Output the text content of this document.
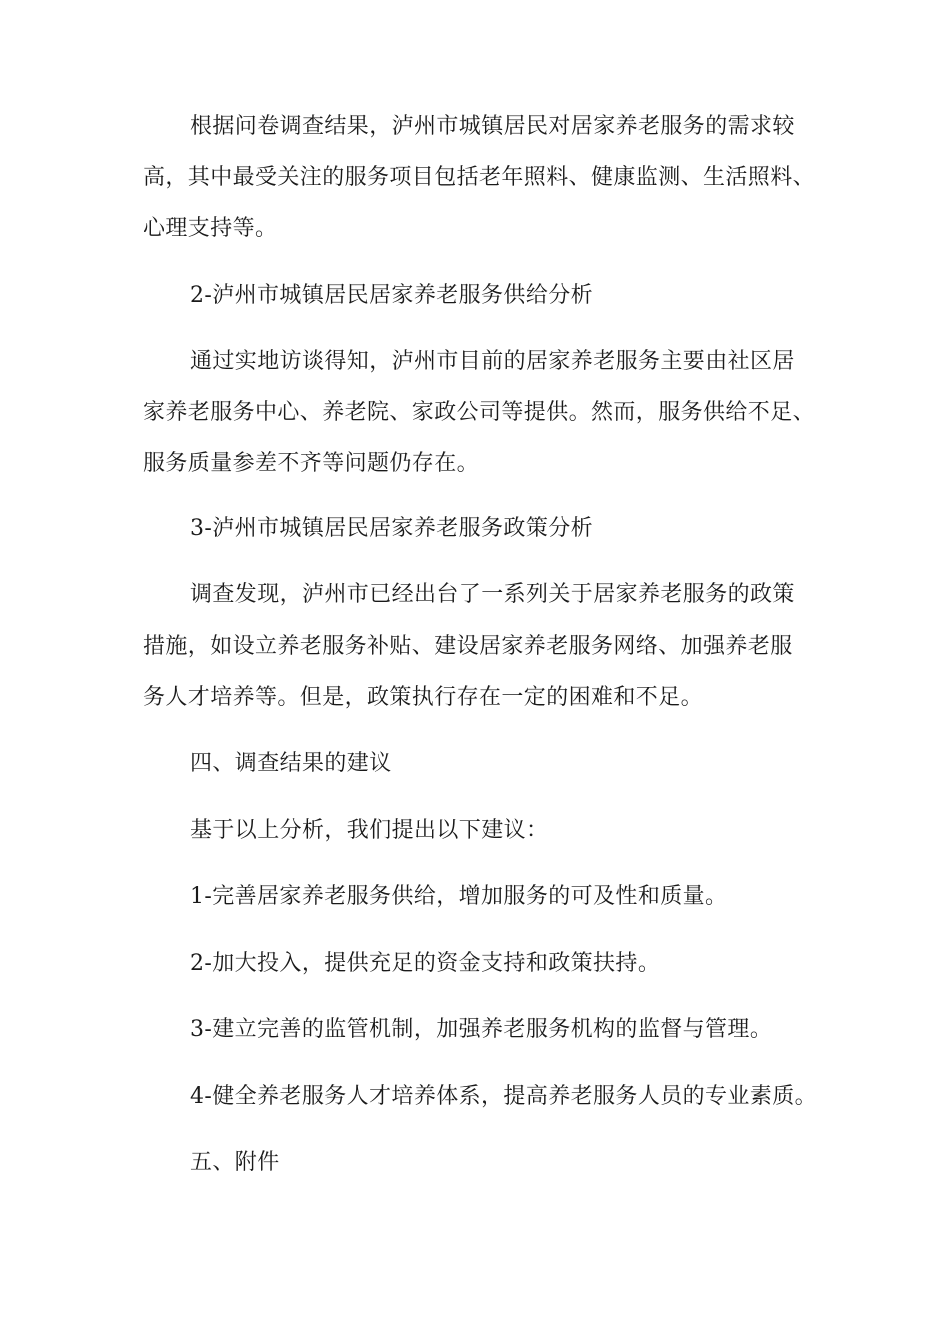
根据问卷调查结果，泸州市城镇居民对居家养老服务的需求较
高，其中最受关注的服务项目包括老年照料、健康监测、生活照料、
心理支持等。
2-泸州市城镇居民居家养老服务供给分析
通过实地访谈得知，泸州市目前的居家养老服务主要由社区居
家养老服务中心、养老院、家政公司等提供。然而，服务供给不足、
服务质量参差不齐等问题仍存在。
3-泸州市城镇居民居家养老服务政策分析
调查发现，泸州市已经出台了一系列关于居家养老服务的政策
措施，如设立养老服务补贴、建设居家养老服务网络、加强养老服
务人才培养等。但是，政策执行存在一定的困难和不足。
四、调查结果的建议
基于以上分析，我们提出以下建议：
1-完善居家养老服务供给，增加服务的可及性和质量。
2-加大投入，提供充足的资金支持和政策扶持。
3-建立完善的监管机制，加强养老服务机构的监督与管理。
4-健全养老服务人才培养体系，提高养老服务人员的专业素质。
五、附件
